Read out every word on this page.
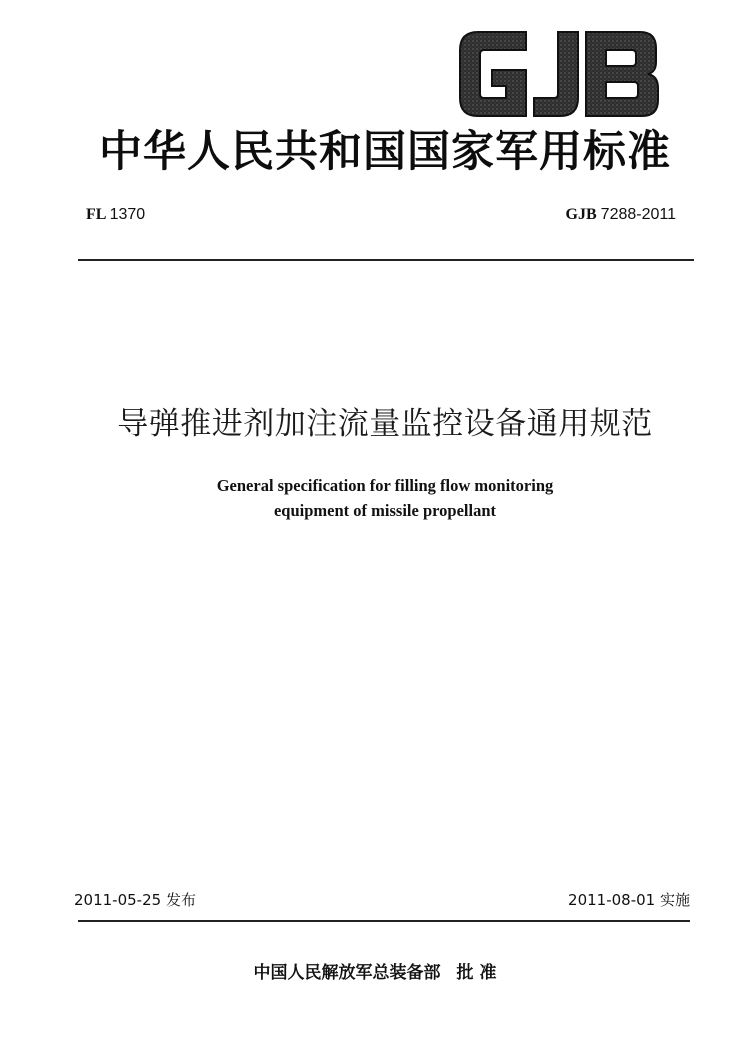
中华人民共和国国家军用标准
FL 1370	GJB 7288-2011
导弹推进剂加注流量监控设备通用规范
General specification for filling flow monitoring
equipment of missile propellant
2011-05-25 发布	2011-08-01 实施
中国人民解放军总装备部 批 准
